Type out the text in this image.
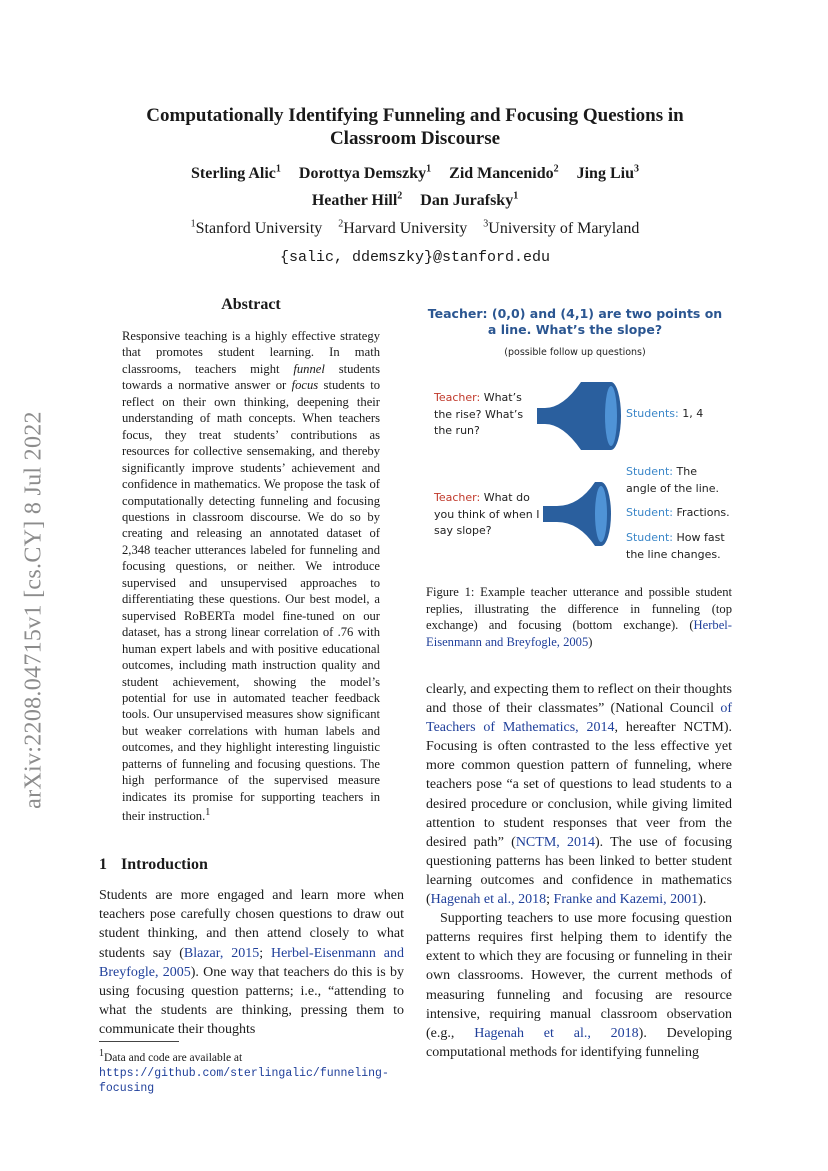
arXiv:2208.04715v1 [cs.CY] 8 Jul 2022
Computationally Identifying Funneling and Focusing Questions in Classroom Discourse
Sterling Alic$^1$ Dorottya Demszky$^1$ Zid Mancenido$^2$ Jing Liu$^3$
Heather Hill$^2$ Dan Jurafsky$^1$
$^1$Stanford University $^2$Harvard University $^3$University of Maryland
{salic, ddemszky}@stanford.edu
Abstract
Responsive teaching is a highly effective strategy that promotes student learning. In math classrooms, teachers might funnel students towards a normative answer or focus students to reflect on their own thinking, deepening their understanding of math concepts. When teachers focus, they treat students’ contributions as resources for collective sensemaking, and thereby significantly improve students’ achievement and confidence in mathematics. We propose the task of computationally detecting funneling and focusing questions in classroom discourse. We do so by creating and releasing an annotated dataset of 2,348 teacher utterances labeled for funneling and focusing questions, or neither. We introduce supervised and unsupervised approaches to differentiating these questions. Our best model, a supervised RoBERTa model fine-tuned on our dataset, has a strong linear correlation of .76 with human expert labels and with positive educational outcomes, including math instruction quality and student achievement, showing the model’s potential for use in automated teacher feedback tools. Our unsupervised measures show significant but weaker correlations with human labels and outcomes, and they highlight interesting linguistic patterns of funneling and focusing questions. The high performance of the supervised measure indicates its promise for supporting teachers in their instruction.$^1$
1 Introduction
Students are more engaged and learn more when teachers pose carefully chosen questions to draw out student thinking, and then attend closely to what students say (Blazar, 2015; Herbel-Eisenmann and Breyfogle, 2005). One way that teachers do this is by using focusing question patterns; i.e., “attending to what the students are thinking, pressing them to communicate their thoughts
$^1$Data and code are available at https://github.com/sterlingalic/funneling-focusing
Teacher: (0,0) and (4,1) are two points on a line. What’s the slope?
(possible follow up questions)
Teacher: What’s the rise? What’s the run?
Students: 1, 4
Student: The angle of the line.
Teacher: What do you think of when I say slope?
Student: Fractions.
Student: How fast the line changes.
Figure 1: Example teacher utterance and possible student replies, illustrating the difference in funneling (top exchange) and focusing (bottom exchange). (Herbel-Eisenmann and Breyfogle, 2005)

clearly, and expecting them to reflect on their thoughts and those of their classmates” (National Council of Teachers of Mathematics, 2014, hereafter NCTM). Focusing is often contrasted to the less effective yet more common question pattern of funneling, where teachers pose “a set of questions to lead students to a desired procedure or conclusion, while giving limited attention to student responses that veer from the desired path” (NCTM, 2014). The use of focusing questioning patterns has been linked to better student learning outcomes and confidence in mathematics (Hagenah et al., 2018; Franke and Kazemi, 2001).

Supporting teachers to use more focusing question patterns requires first helping them to identify the extent to which they are focusing or funneling in their own classrooms. However, the current methods of measuring funneling and focusing are resource intensive, requiring manual classroom observation (e.g., Hagenah et al., 2018). Developing computational methods for identifying funneling
